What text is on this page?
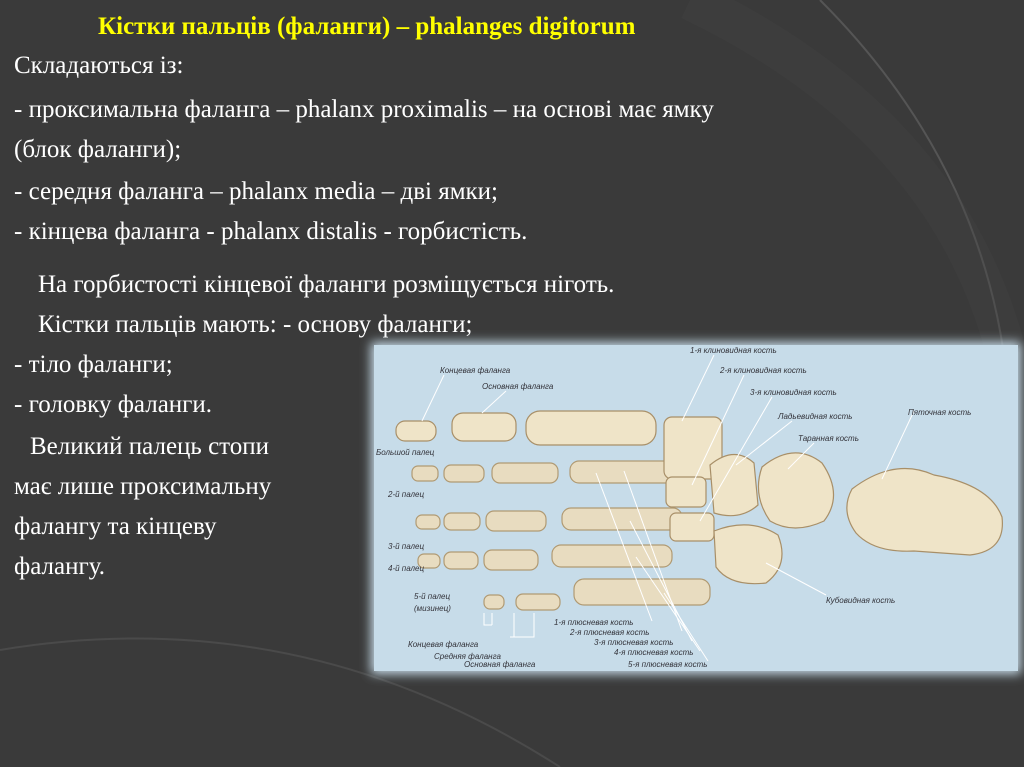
Кістки пальців (фаланги) – phalanges digitorum
Складаються із:
- проксимальна фаланга – phalanx proximalis – на основі має ямку
(блок фаланги);
- середня фаланга – phalanx media – дві ямки;
- кінцева фаланга - phalanx distalis - горбистість.
На горбистості кінцевої фаланги розміщується ніготь.
Кістки пальців мають: - основу фаланги;
- тіло фаланги;
- головку фаланги.
Великий палець стопи
має лише проксимальну
фалангу та кінцеву
фалангу.
Концевая фаланга
Основная фаланга
Большой палец
2-й палец
3-й палец
4-й палец
5-й палец
(мизинец)
1-я клиновидная кость
2-я клиновидная кость
3-я клиновидная кость
Ладьевидная кость
Таранная кость
Пяточная кость
Кубовидная кость
1-я плюсневая кость
2-я плюсневая кость
3-я плюсневая кость
4-я плюсневая кость
5-я плюсневая кость
Концевая фаланга
Средняя фаланга
Основная фаланга
